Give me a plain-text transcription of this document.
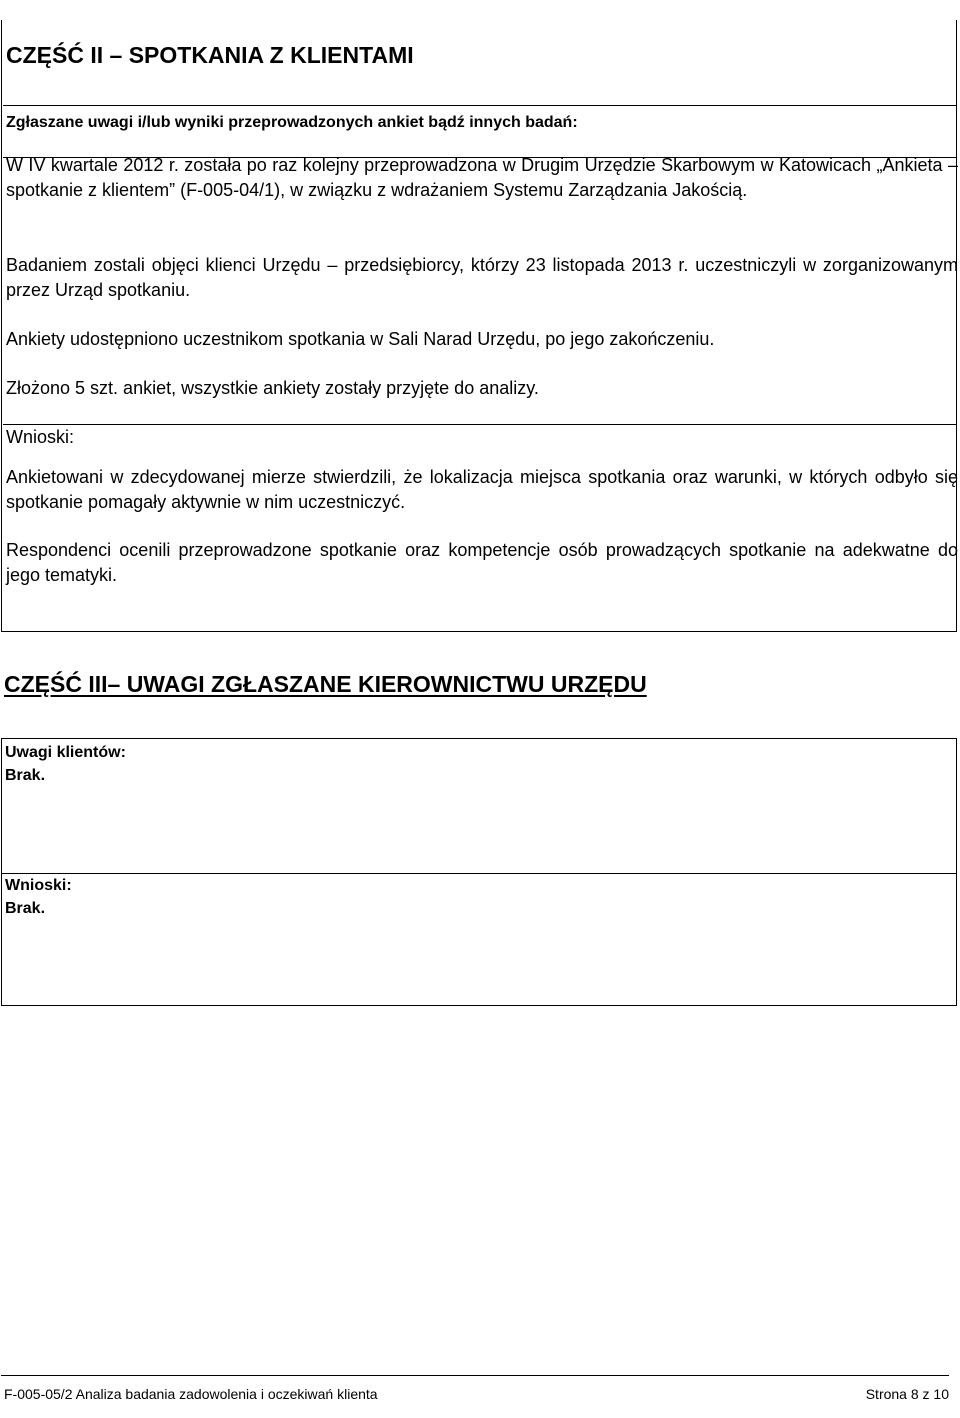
CZĘŚĆ II – SPOTKANIA Z KLIENTAMI

Zgłaszane uwagi i/lub wyniki przeprowadzonych ankiet bądź innych badań:

W IV kwartale 2012 r. została po raz kolejny przeprowadzona w Drugim Urzędzie Skarbowym w Katowicach „Ankieta – spotkanie z klientem” (F-005-04/1), w związku z wdrażaniem Systemu Zarządzania Jakością.

Badaniem zostali objęci klienci Urzędu – przedsiębiorcy, którzy 23 listopada 2013 r. uczestniczyli w zorganizowanym przez Urząd spotkaniu.

Ankiety udostępniono uczestnikom spotkania w Sali Narad Urzędu, po jego zakończeniu.

Złożono 5 szt. ankiet, wszystkie ankiety zostały przyjęte do analizy.

Wnioski:

Ankietowani w zdecydowanej mierze stwierdzili, że lokalizacja miejsca spotkania oraz warunki, w których odbyło się spotkanie pomagały aktywnie w nim uczestniczyć.

Respondenci ocenili przeprowadzone spotkanie oraz kompetencje osób prowadzących spotkanie na adekwatne do jego tematyki.

CZĘŚĆ III– UWAGI ZGŁASZANE KIEROWNICTWU URZĘDU

Uwagi klientów:

Brak.

Wnioski:

Brak.

F-005-05/2 Analiza badania zadowolenia i oczekiwań klienta	Strona 8 z 10
